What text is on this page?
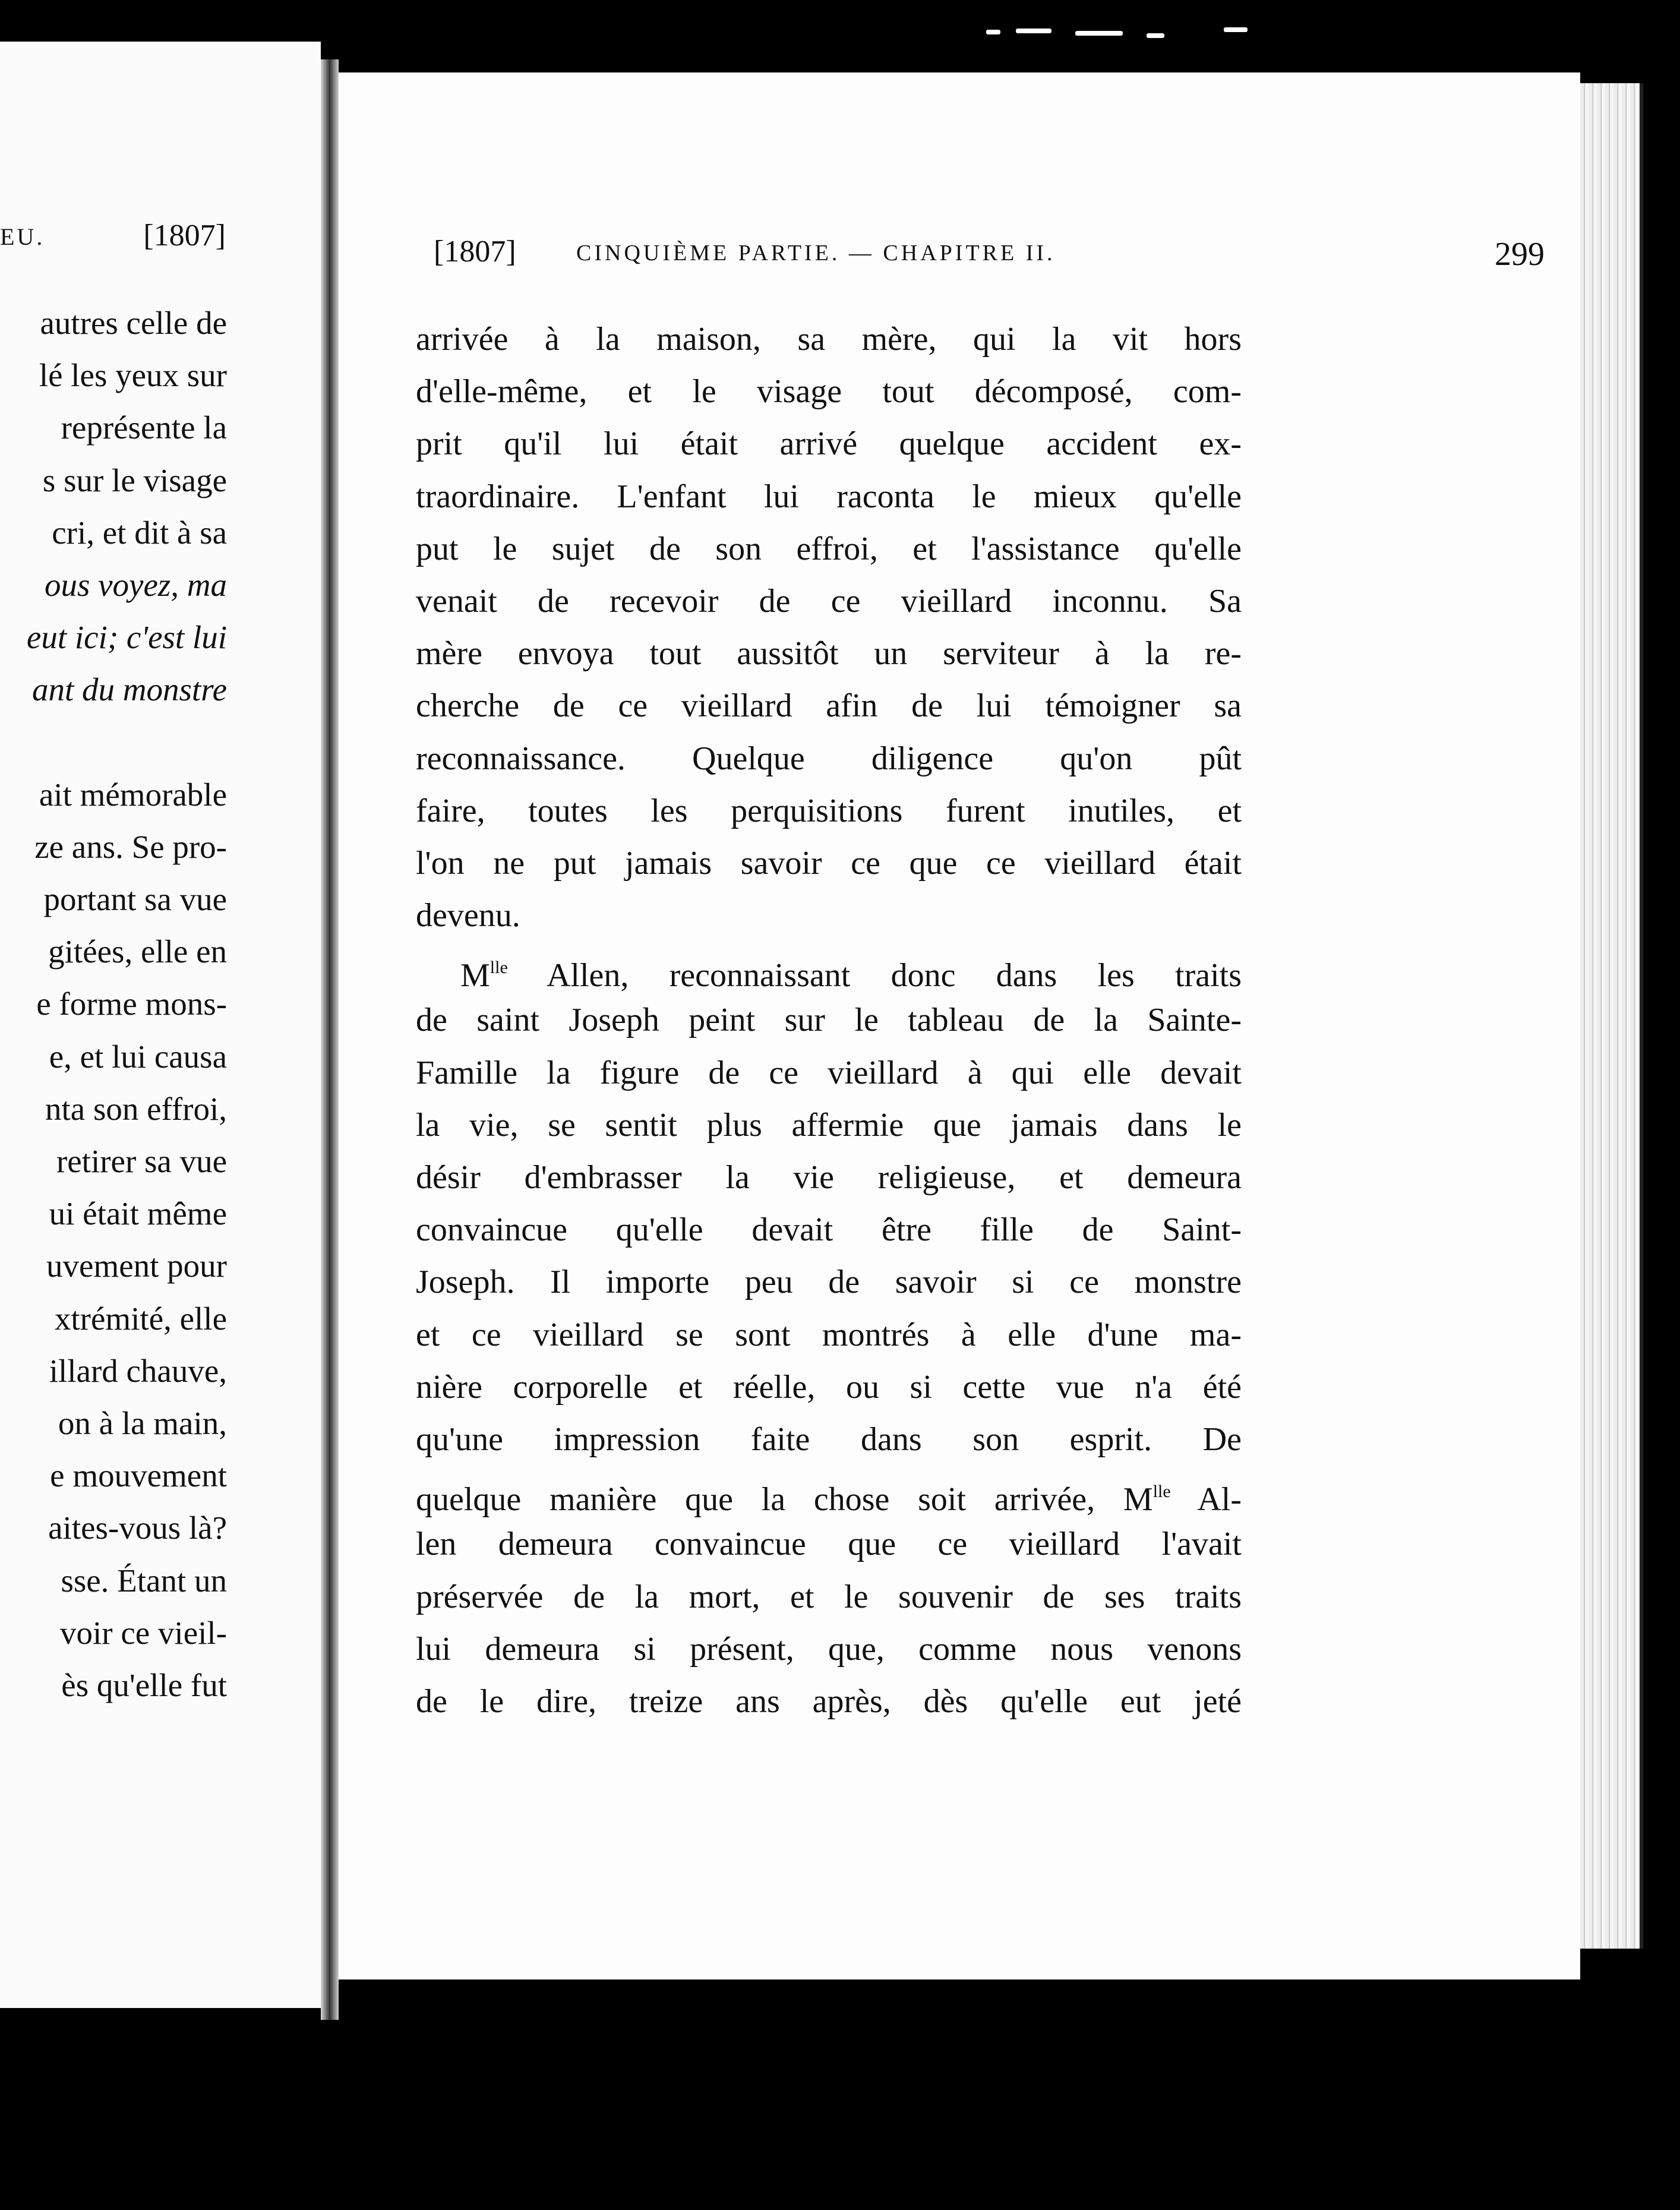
EU.	[1807]
autres celle de
lé les yeux sur
représente la
s sur le visage
cri, et dit à sa
ous voyez, ma
eut ici; c'est lui
ant du monstre
ait mémorable
ze ans. Se pro-
portant sa vue
gitées, elle en
e forme mons-
e, et lui causa
nta son effroi,
retirer sa vue
ui était même
uvement pour
xtrémité, elle
illard chauve,
on à la main,
e mouvement
aites-vous là?
sse. Étant un
voir ce vieil-
ès qu'elle fut
[1807]	CINQUIÈME PARTIE. — CHAPITRE II.	299
arrivée à la maison, sa mère, qui la vit hors
d'elle-même, et le visage tout décomposé, com-
prit qu'il lui était arrivé quelque accident ex-
traordinaire. L'enfant lui raconta le mieux qu'elle
put le sujet de son effroi, et l'assistance qu'elle
venait de recevoir de ce vieillard inconnu. Sa
mère envoya tout aussitôt un serviteur à la re-
cherche de ce vieillard afin de lui témoigner sa
reconnaissance. Quelque diligence qu'on pût
faire, toutes les perquisitions furent inutiles, et
l'on ne put jamais savoir ce que ce vieillard était
devenu.
$M^{lle}$ Allen, reconnaissant donc dans les traits
de saint Joseph peint sur le tableau de la Sainte-
Famille la figure de ce vieillard à qui elle devait
la vie, se sentit plus affermie que jamais dans le
désir d'embrasser la vie religieuse, et demeura
convaincue qu'elle devait être fille de Saint-
Joseph. Il importe peu de savoir si ce monstre
et ce vieillard se sont montrés à elle d'une ma-
nière corporelle et réelle, ou si cette vue n'a été
qu'une impression faite dans son esprit. De
quelque manière que la chose soit arrivée, $M^{lle}$ Al-
len demeura convaincue que ce vieillard l'avait
préservée de la mort, et le souvenir de ses traits
lui demeura si présent, que, comme nous venons
de le dire, treize ans après, dès qu'elle eut jeté
